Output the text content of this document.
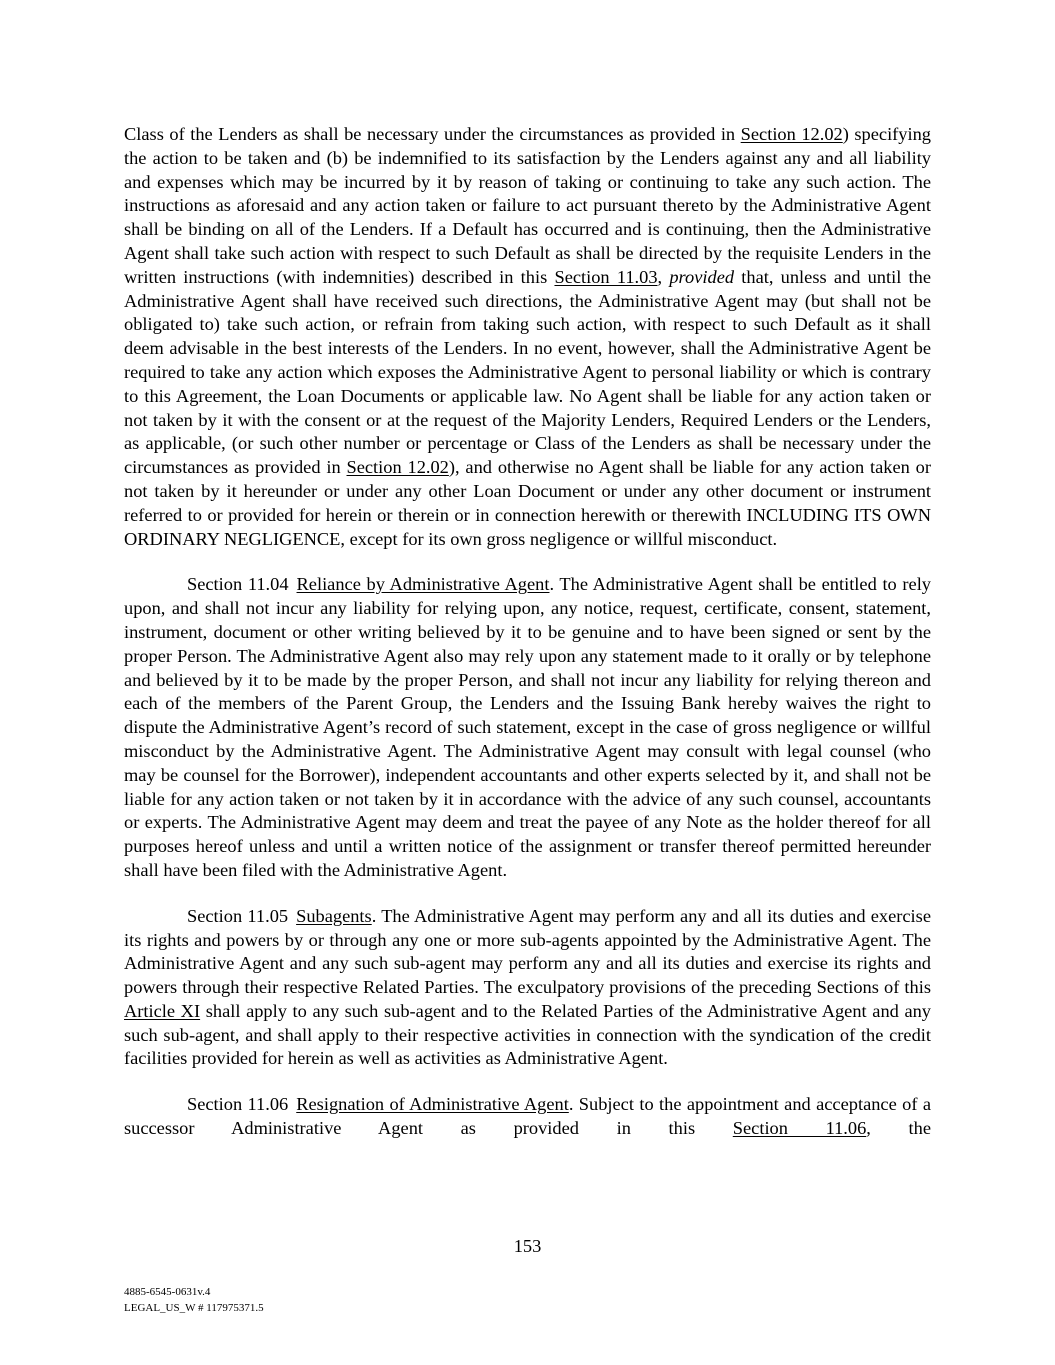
Class of the Lenders as shall be necessary under the circumstances as provided in Section 12.02) specifying the action to be taken and (b) be indemnified to its satisfaction by the Lenders against any and all liability and expenses which may be incurred by it by reason of taking or continuing to take any such action. The instructions as aforesaid and any action taken or failure to act pursuant thereto by the Administrative Agent shall be binding on all of the Lenders. If a Default has occurred and is continuing, then the Administrative Agent shall take such action with respect to such Default as shall be directed by the requisite Lenders in the written instructions (with indemnities) described in this Section 11.03, provided that, unless and until the Administrative Agent shall have received such directions, the Administrative Agent may (but shall not be obligated to) take such action, or refrain from taking such action, with respect to such Default as it shall deem advisable in the best interests of the Lenders. In no event, however, shall the Administrative Agent be required to take any action which exposes the Administrative Agent to personal liability or which is contrary to this Agreement, the Loan Documents or applicable law. No Agent shall be liable for any action taken or not taken by it with the consent or at the request of the Majority Lenders, Required Lenders or the Lenders, as applicable, (or such other number or percentage or Class of the Lenders as shall be necessary under the circumstances as provided in Section 12.02), and otherwise no Agent shall be liable for any action taken or not taken by it hereunder or under any other Loan Document or under any other document or instrument referred to or provided for herein or therein or in connection herewith or therewith INCLUDING ITS OWN ORDINARY NEGLIGENCE, except for its own gross negligence or willful misconduct.

Section 11.04 Reliance by Administrative Agent. The Administrative Agent shall be entitled to rely upon, and shall not incur any liability for relying upon, any notice, request, certificate, consent, statement, instrument, document or other writing believed by it to be genuine and to have been signed or sent by the proper Person. The Administrative Agent also may rely upon any statement made to it orally or by telephone and believed by it to be made by the proper Person, and shall not incur any liability for relying thereon and each of the members of the Parent Group, the Lenders and the Issuing Bank hereby waives the right to dispute the Administrative Agent’s record of such statement, except in the case of gross negligence or willful misconduct by the Administrative Agent. The Administrative Agent may consult with legal counsel (who may be counsel for the Borrower), independent accountants and other experts selected by it, and shall not be liable for any action taken or not taken by it in accordance with the advice of any such counsel, accountants or experts. The Administrative Agent may deem and treat the payee of any Note as the holder thereof for all purposes hereof unless and until a written notice of the assignment or transfer thereof permitted hereunder shall have been filed with the Administrative Agent.

Section 11.05 Subagents. The Administrative Agent may perform any and all its duties and exercise its rights and powers by or through any one or more sub-agents appointed by the Administrative Agent. The Administrative Agent and any such sub-agent may perform any and all its duties and exercise its rights and powers through their respective Related Parties. The exculpatory provisions of the preceding Sections of this Article XI shall apply to any such sub-agent and to the Related Parties of the Administrative Agent and any such sub-agent, and shall apply to their respective activities in connection with the syndication of the credit facilities provided for herein as well as activities as Administrative Agent.

Section 11.06 Resignation of Administrative Agent. Subject to the appointment and acceptance of a successor Administrative Agent as provided in this Section 11.06, the

153
4885-6545-0631v.4
LEGAL_US_W # 117975371.5
